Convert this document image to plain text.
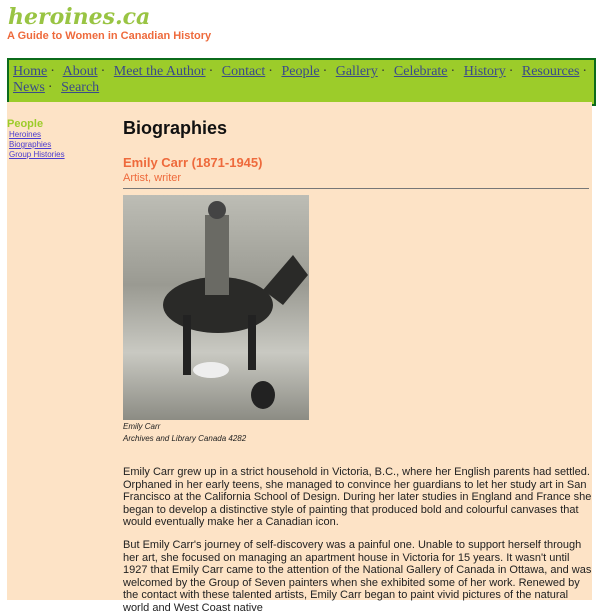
heroines.ca
A Guide to Women in Canadian History
Home · About · Meet the Author · Contact · People · Gallery · Celebrate · History · Resources · News · Search
People
Heroines
Biographies
Group Histories
Biographies
Emily Carr (1871-1945)
Artist, writer
Emily Carr
Archives and Library Canada 4282

Emily Carr grew up in a strict household in Victoria, B.C., where her English parents had settled. Orphaned in her early teens, she managed to convince her guardians to let her study art in San Francisco at the California School of Design. During her later studies in England and France she began to develop a distinctive style of painting that produced bold and colourful canvases that would eventually make her a Canadian icon.

But Emily Carr's journey of self-discovery was a painful one. Unable to support herself through her art, she focused on managing an apartment house in Victoria for 15 years. It wasn't until 1927 that Emily Carr came to the attention of the National Gallery of Canada in Ottawa, and was welcomed by the Group of Seven painters when she exhibited some of her work. Renewed by the contact with these talented artists, Emily Carr began to paint vivid pictures of the natural world and West Coast native
